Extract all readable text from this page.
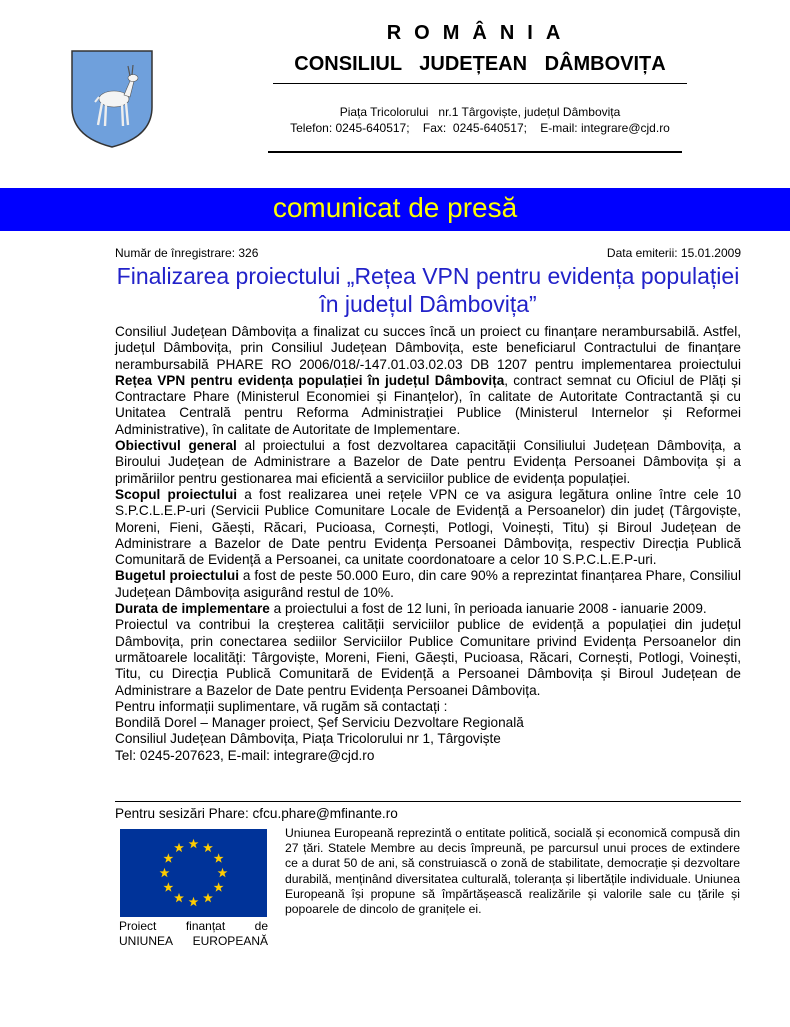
ROMÂNIA
CONSILIUL JUDEȚEAN DÂMBOVIȚA
Piața Tricolorului   nr.1 Târgoviște, județul Dâmbovița
Telefon: 0245-640517;    Fax:  0245-640517;    E-mail: integrare@cjd.ro
comunicat de presă
Număr de înregistrare: 326	Data emiterii: 15.01.2009
Finalizarea proiectului „Rețea VPN pentru evidența populației în județul Dâmbovița”

Consiliul Județean Dâmbovița a finalizat cu succes încă un proiect cu finanțare nerambursabilă. Astfel, județul Dâmbovița, prin Consiliul Județean Dâmbovița, este beneficiarul Contractului de finanțare nerambursabilă PHARE RO 2006/018/-147.01.03.02.03 DB 1207 pentru implementarea proiectului Rețea VPN pentru evidența populației în județul Dâmbovița, contract semnat cu Oficiul de Plăți și Contractare Phare (Ministerul Economiei și Finanțelor), în calitate de Autoritate Contractantă și cu Unitatea Centrală pentru Reforma Administrației Publice (Ministerul Internelor și Reformei Administrative), în calitate de Autoritate de Implementare.

Obiectivul general al proiectului a fost dezvoltarea capacității Consiliului Județean Dâmbovița, a Biroului Județean de Administrare a Bazelor de Date pentru Evidența Persoanei Dâmbovița și a primăriilor pentru gestionarea mai eficientă a serviciilor publice de evidența populației.

Scopul proiectului a fost realizarea unei rețele VPN ce va asigura legătura online între cele 10 S.P.C.L.E.P-uri (Servicii Publice Comunitare Locale de Evidență a Persoanelor) din județ (Târgoviște, Moreni, Fieni, Găești, Răcari, Pucioasa, Cornești, Potlogi, Voinești, Titu) și Biroul Județean de Administrare a Bazelor de Date pentru Evidența Persoanei Dâmbovița, respectiv Direcția Publică Comunitară de Evidență a Persoanei, ca unitate coordonatoare a celor 10 S.P.C.L.E.P-uri.

Bugetul proiectului a fost de peste 50.000 Euro, din care 90% a reprezintat finanțarea Phare, Consiliul Județean Dâmbovița asigurând restul de 10%.

Durata de implementare a proiectului a fost de 12 luni, în perioada ianuarie 2008 - ianuarie 2009.

Proiectul va contribui la creșterea calității serviciilor publice de evidență a populației din județul Dâmbovița, prin conectarea sediilor Serviciilor Publice Comunitare privind Evidența Persoanelor din următoarele localități: Târgoviște, Moreni, Fieni, Găești, Pucioasa, Răcari, Cornești, Potlogi, Voinești, Titu, cu Direcția Publică Comunitară de Evidență a Persoanei Dâmbovița și Biroul Județean de Administrare a Bazelor de Date pentru Evidența Persoanei Dâmbovița.

Pentru informații suplimentare, vă rugăm să contactați :

Bondilă Dorel – Manager proiect, Șef Serviciu Dezvoltare Regională

Consiliul Județean Dâmbovița, Piața Tricolorului nr 1, Târgoviște

Tel: 0245-207623, E-mail: integrare@cjd.ro

Pentru sesizări Phare: cfcu.phare@mfinante.ro
Proiect finanțat de
UNIUNEA EUROPEANĂ
Uniunea Europeană reprezintă o entitate politică, socială și economică compusă din 27 țări. Statele Membre au decis împreună, pe parcursul unui proces de extindere ce a durat 50 de ani, să construiască o zonă de stabilitate, democrație și dezvoltare durabilă, menținând diversitatea culturală, toleranța și libertățile individuale. Uniunea Europeană își propune să împărtășească realizările și valorile sale cu țările și popoarele de dincolo de granițele ei.
